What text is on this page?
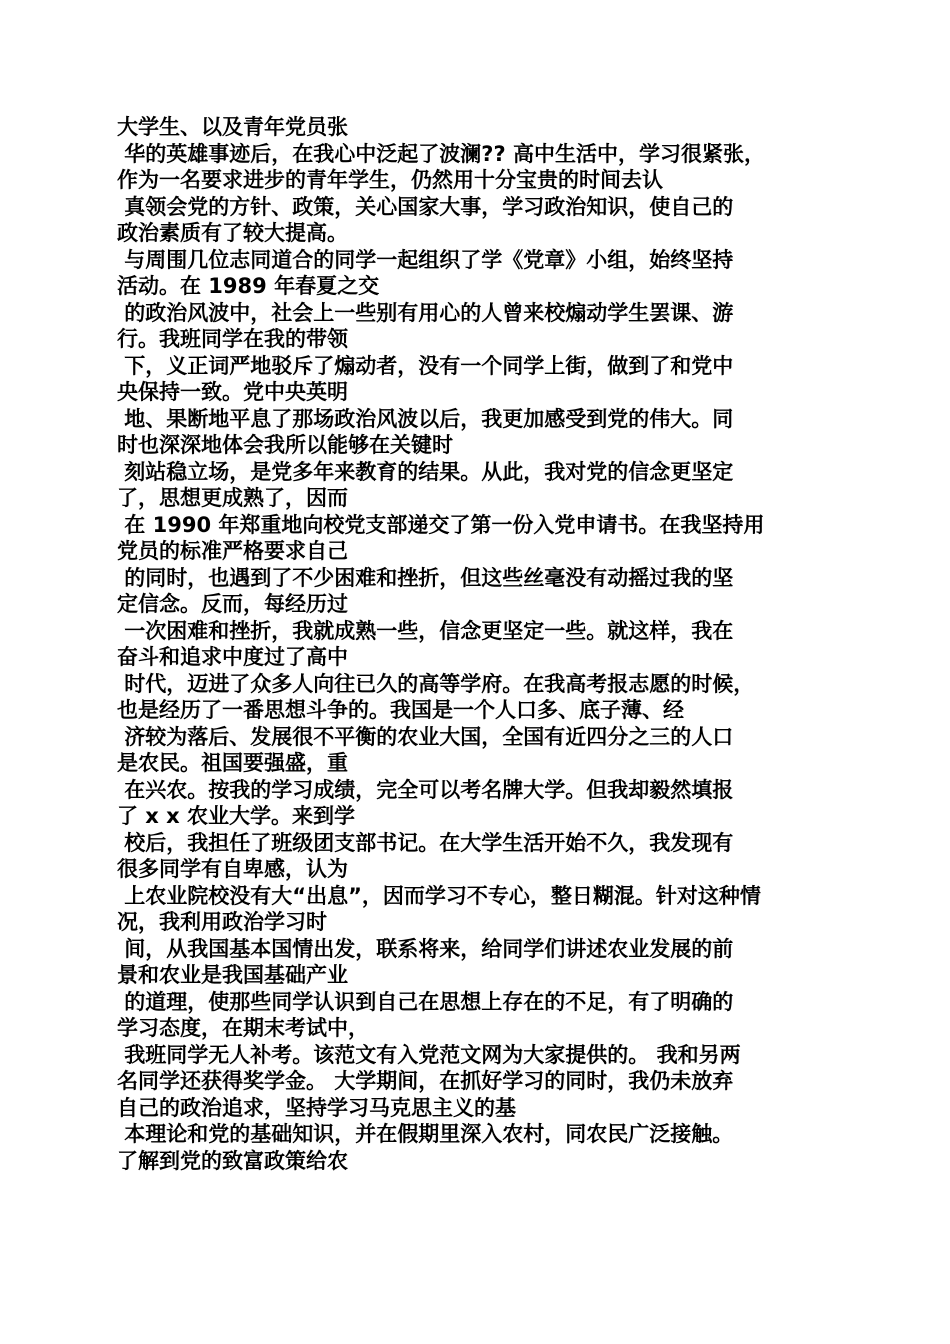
大学生、以及青年党员张
华的英雄事迹后，在我心中泛起了波澜?? 高中生活中，学习很紧张，
作为一名要求进步的青年学生，仍然用十分宝贵的时间去认
真领会党的方针、政策，关心国家大事，学习政治知识，使自己的
政治素质有了较大提高。
与周围几位志同道合的同学一起组织了学《党章》小组，始终坚持
活动。在 1989 年春夏之交
的政治风波中，社会上一些别有用心的人曾来校煽动学生罢课、游
行。我班同学在我的带领
下，义正词严地驳斥了煽动者，没有一个同学上街，做到了和党中
央保持一致。党中央英明
地、果断地平息了那场政治风波以后，我更加感受到党的伟大。同
时也深深地体会我所以能够在关键时
刻站稳立场，是党多年来教育的结果。从此，我对党的信念更坚定
了，思想更成熟了，因而
在 1990 年郑重地向校党支部递交了第一份入党申请书。在我坚持用
党员的标准严格要求自己
的同时，也遇到了不少困难和挫折，但这些丝毫没有动摇过我的坚
定信念。反而，每经历过
一次困难和挫折，我就成熟一些，信念更坚定一些。就这样，我在
奋斗和追求中度过了高中
时代，迈进了众多人向往已久的高等学府。在我高考报志愿的时候，
也是经历了一番思想斗争的。我国是一个人口多、底子薄、经
济较为落后、发展很不平衡的农业大国，全国有近四分之三的人口
是农民。祖国要强盛，重
在兴农。按我的学习成绩，完全可以考名牌大学。但我却毅然填报
了 x x 农业大学。来到学
校后，我担任了班级团支部书记。在大学生活开始不久，我发现有
很多同学有自卑感，认为
上农业院校没有大“出息”，因而学习不专心，整日糊混。针对这种情
况，我利用政治学习时
间，从我国基本国情出发，联系将来，给同学们讲述农业发展的前
景和农业是我国基础产业
的道理，使那些同学认识到自己在思想上存在的不足，有了明确的
学习态度，在期末考试中，
我班同学无人补考。该范文有入党范文网为大家提供的。 我和另两
名同学还获得奖学金。 大学期间，在抓好学习的同时，我仍未放弃
自己的政治追求，坚持学习马克思主义的基
本理论和党的基础知识，并在假期里深入农村，同农民广泛接触。
了解到党的致富政策给农
